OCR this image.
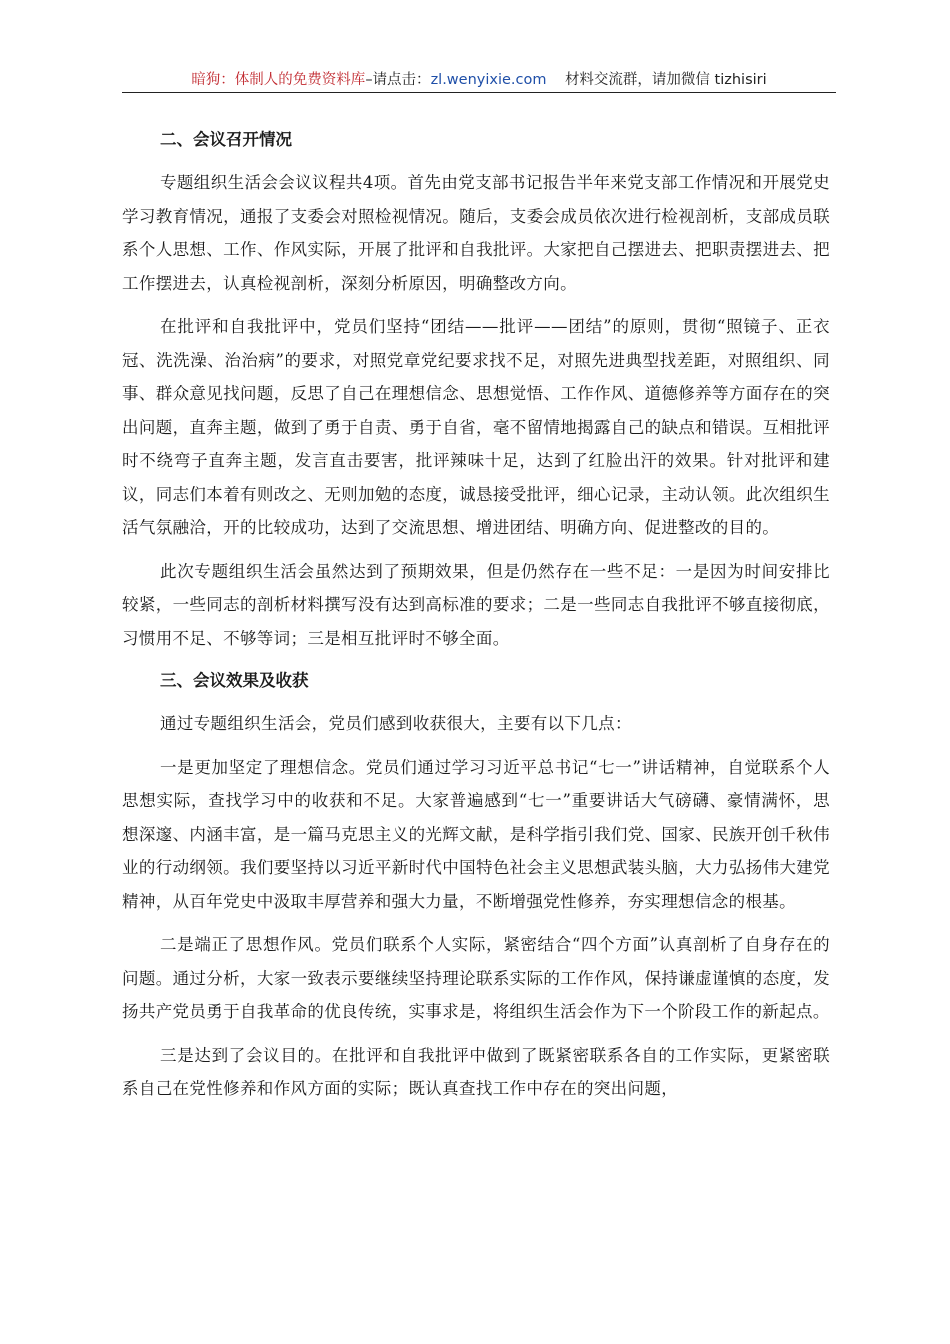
暗狗：体制人的免费资料库–请点击：zl.wenyixie.com 材料交流群，请加微信 tizhisiri
二、会议召开情况

专题组织生活会会议议程共4项。首先由党支部书记报告半年来党支部工作情况和开展党史学习教育情况，通报了支委会对照检视情况。随后，支委会成员依次进行检视剖析，支部成员联系个人思想、工作、作风实际，开展了批评和自我批评。大家把自己摆进去、把职责摆进去、把工作摆进去，认真检视剖析，深刻分析原因，明确整改方向。

在批评和自我批评中，党员们坚持“团结——批评——团结”的原则，贯彻“照镜子、正衣冠、洗洗澡、治治病”的要求，对照党章党纪要求找不足，对照先进典型找差距，对照组织、同事、群众意见找问题，反思了自己在理想信念、思想觉悟、工作作风、道德修养等方面存在的突出问题，直奔主题，做到了勇于自责、勇于自省，毫不留情地揭露自己的缺点和错误。互相批评时不绕弯子直奔主题，发言直击要害，批评辣味十足，达到了红脸出汗的效果。针对批评和建议，同志们本着有则改之、无则加勉的态度，诚恳接受批评，细心记录，主动认领。此次组织生活气氛融洽，开的比较成功，达到了交流思想、增进团结、明确方向、促进整改的目的。

此次专题组织生活会虽然达到了预期效果，但是仍然存在一些不足：一是因为时间安排比较紧，一些同志的剖析材料撰写没有达到高标准的要求；二是一些同志自我批评不够直接彻底，习惯用不足、不够等词；三是相互批评时不够全面。

三、会议效果及收获

通过专题组织生活会，党员们感到收获很大，主要有以下几点：

一是更加坚定了理想信念。党员们通过学习习近平总书记“七一”讲话精神，自觉联系个人思想实际，查找学习中的收获和不足。大家普遍感到“七一”重要讲话大气磅礴、豪情满怀，思想深邃、内涵丰富，是一篇马克思主义的光辉文献，是科学指引我们党、国家、民族开创千秋伟业的行动纲领。我们要坚持以习近平新时代中国特色社会主义思想武装头脑，大力弘扬伟大建党精神，从百年党史中汲取丰厚营养和强大力量，不断增强党性修养，夯实理想信念的根基。

二是端正了思想作风。党员们联系个人实际，紧密结合“四个方面”认真剖析了自身存在的问题。通过分析，大家一致表示要继续坚持理论联系实际的工作作风，保持谦虚谨慎的态度，发扬共产党员勇于自我革命的优良传统，实事求是，将组织生活会作为下一个阶段工作的新起点。

三是达到了会议目的。在批评和自我批评中做到了既紧密联系各自的工作实际，更紧密联系自己在党性修养和作风方面的实际；既认真查找工作中存在的突出问题，
